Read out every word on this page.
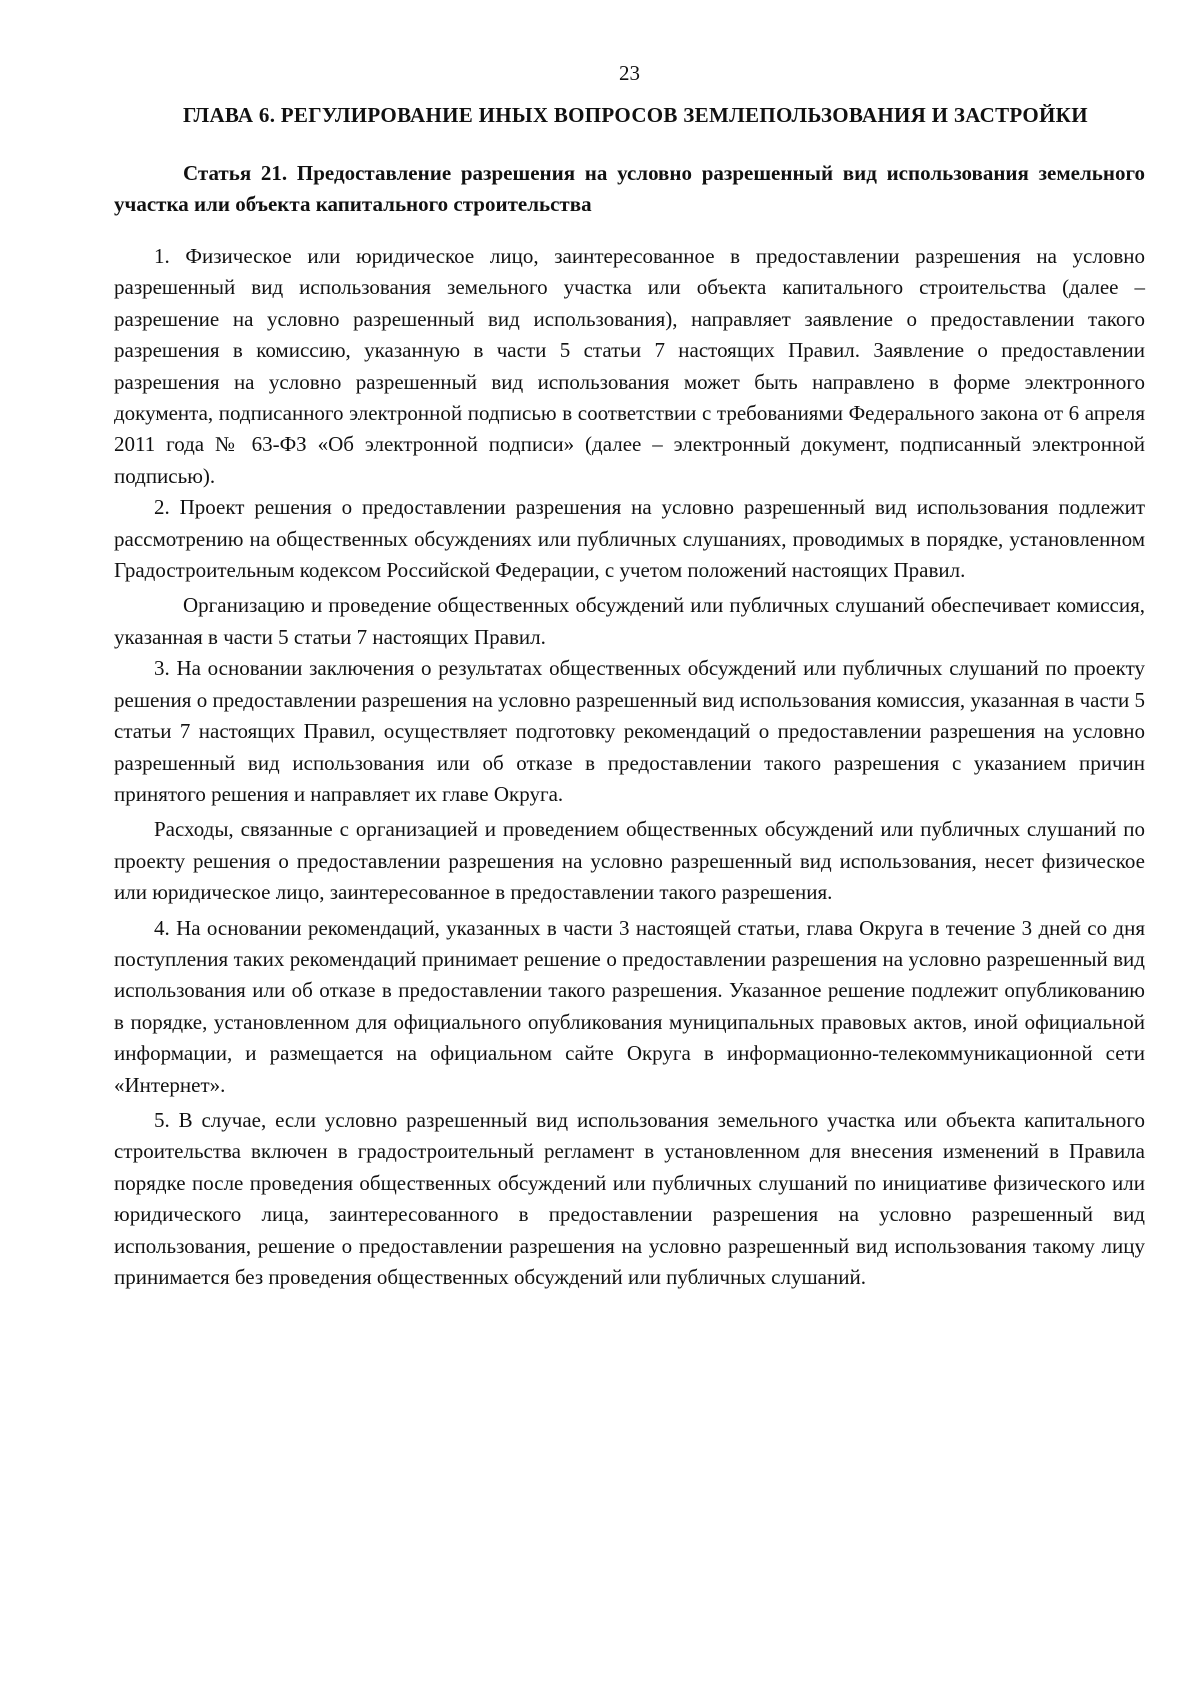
23
ГЛАВА 6. РЕГУЛИРОВАНИЕ ИНЫХ ВОПРОСОВ ЗЕМЛЕПОЛЬЗОВАНИЯ И ЗАСТРОЙКИ
Статья 21. Предоставление разрешения на условно разрешенный вид использования земельного участка или объекта капитального строительства

1. Физическое или юридическое лицо, заинтересованное в предоставлении разрешения на условно разрешенный вид использования земельного участка или объекта капитального строительства (далее – разрешение на условно разрешенный вид использования), направляет заявление о предоставлении такого разрешения в комиссию, указанную в части 5 статьи 7 настоящих Правил. Заявление о предоставлении разрешения на условно разрешенный вид использования может быть направлено в форме электронного документа, подписанного электронной подписью в соответствии с требованиями Федерального закона от 6 апреля 2011 года № 63-ФЗ «Об электронной подписи» (далее – электронный документ, подписанный электронной подписью).

2. Проект решения о предоставлении разрешения на условно разрешенный вид использования подлежит рассмотрению на общественных обсуждениях или публичных слушаниях, проводимых в порядке, установленном Градостроительным кодексом Российской Федерации, с учетом положений настоящих Правил.

Организацию и проведение общественных обсуждений или публичных слушаний обеспечивает комиссия, указанная в части 5 статьи 7 настоящих Правил.

3. На основании заключения о результатах общественных обсуждений или публичных слушаний по проекту решения о предоставлении разрешения на условно разрешенный вид использования комиссия, указанная в части 5 статьи 7 настоящих Правил, осуществляет подготовку рекомендаций о предоставлении разрешения на условно разрешенный вид использования или об отказе в предоставлении такого разрешения с указанием причин принятого решения и направляет их главе Округа.

Расходы, связанные с организацией и проведением общественных обсуждений или публичных слушаний по проекту решения о предоставлении разрешения на условно разрешенный вид использования, несет физическое или юридическое лицо, заинтересованное в предоставлении такого разрешения.

4. На основании рекомендаций, указанных в части 3 настоящей статьи, глава Округа в течение 3 дней со дня поступления таких рекомендаций принимает решение о предоставлении разрешения на условно разрешенный вид использования или об отказе в предоставлении такого разрешения. Указанное решение подлежит опубликованию в порядке, установленном для официального опубликования муниципальных правовых актов, иной официальной информации, и размещается на официальном сайте Округа в информационно-телекоммуникационной сети «Интернет».

5. В случае, если условно разрешенный вид использования земельного участка или объекта капитального строительства включен в градостроительный регламент в установленном для внесения изменений в Правила порядке после проведения общественных обсуждений или публичных слушаний по инициативе физического или юридического лица, заинтересованного в предоставлении разрешения на условно разрешенный вид использования, решение о предоставлении разрешения на условно разрешенный вид использования такому лицу принимается без проведения общественных обсуждений или публичных слушаний.
